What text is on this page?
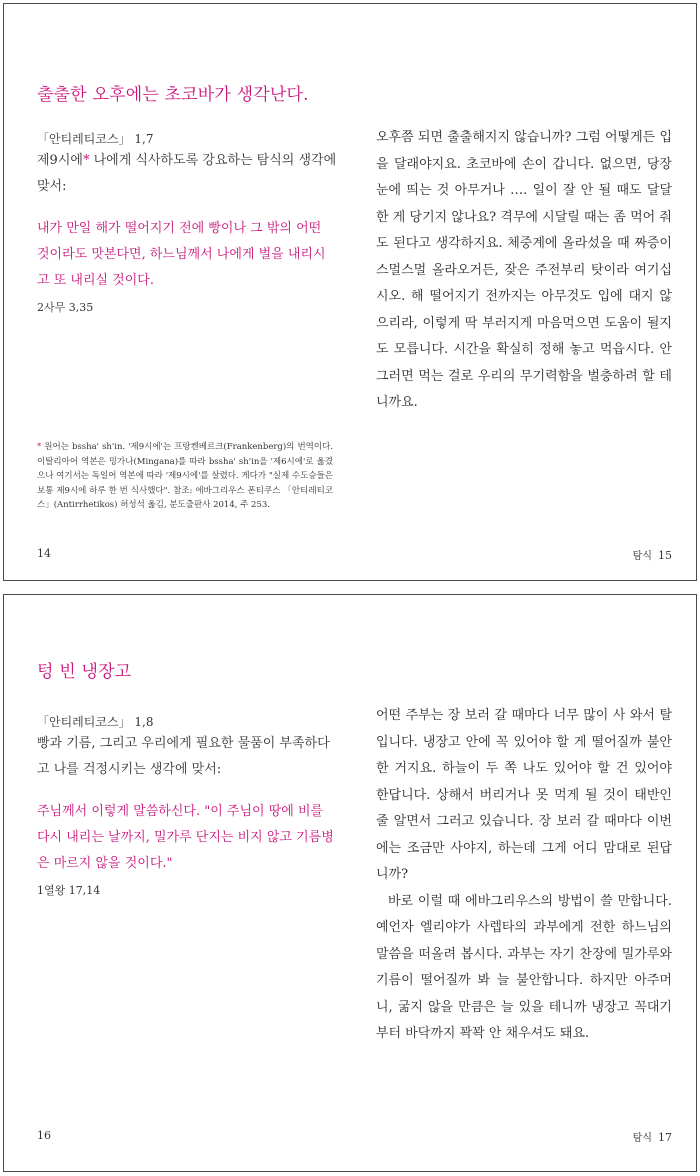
출출한 오후에는 초코바가 생각난다.

「안티레티코스」 1,7

제9시에* 나에게 식사하도록 강요하는 탐식의 생각에 맞서:

내가 만일 해가 떨어지기 전에 빵이나 그 밖의 어떤 것이라도 맛본다면, 하느님께서 나에게 벌을 내리시고 또 내리실 것이다.

2사무 3,35

* 원어는 bssha' sh'in. '제9시에'는 프랑켄베르크(Frankenberg)의 번역이다. 이탈리아어 역본은 밍가나(Mingana)를 따라 bssha' sh'in을 '제6시에'로 옮겼으나 여기서는 독일어 역본에 따라 '제9시에'를 살렸다. 게다가 "실제 수도승들은 보통 제9시에 하루 한 번 식사했다". 참조: 에바그리우스 폰티쿠스 「안티레티코스」(Antirrhetikos) 허성석 옮김, 분도출판사 2014, 주 253.

오후쯤 되면 출출해지지 않습니까? 그럼 어떻게든 입을 달래야지요. 초코바에 손이 갑니다. 없으면, 당장 눈에 띄는 것 아무거나 …. 일이 잘 안 될 때도 달달한 게 당기지 않나요? 격무에 시달릴 때는 좀 먹어 줘도 된다고 생각하지요. 체중계에 올라섰을 때 짜증이 스멀스멀 올라오거든, 잦은 주전부리 탓이라 여기십시오. 해 떨어지기 전까지는 아무것도 입에 대지 않으리라, 이렇게 딱 부러지게 마음먹으면 도움이 될지도 모릅니다. 시간을 확실히 정해 놓고 먹읍시다. 안 그러면 먹는 걸로 우리의 무기력함을 벌충하려 할 테니까요.

14	탐식 15

텅 빈 냉장고

「안티레티코스」 1,8

빵과 기름, 그리고 우리에게 필요한 물품이 부족하다고 나를 걱정시키는 생각에 맞서:

주님께서 이렇게 말씀하신다. "이 주님이 땅에 비를 다시 내리는 날까지, 밀가루 단지는 비지 않고 기름병은 마르지 않을 것이다."

1열왕 17,14

어떤 주부는 장 보러 갈 때마다 너무 많이 사 와서 탈입니다. 냉장고 안에 꼭 있어야 할 게 떨어질까 불안한 거지요. 하늘이 두 쪽 나도 있어야 할 건 있어야 한답니다. 상해서 버리거나 못 먹게 될 것이 태반인 줄 알면서 그러고 있습니다. 장 보러 갈 때마다 이번에는 조금만 사야지, 하는데 그게 어디 맘대로 된답니까?

바로 이럴 때 에바그리우스의 방법이 쓸 만합니다. 예언자 엘리야가 사렙타의 과부에게 전한 하느님의 말씀을 떠올려 봅시다. 과부는 자기 찬장에 밀가루와 기름이 떨어질까 봐 늘 불안합니다. 하지만 아주머니, 굶지 않을 만큼은 늘 있을 테니까 냉장고 꼭대기부터 바닥까지 꽉꽉 안 채우셔도 돼요.

16	탐식 17
